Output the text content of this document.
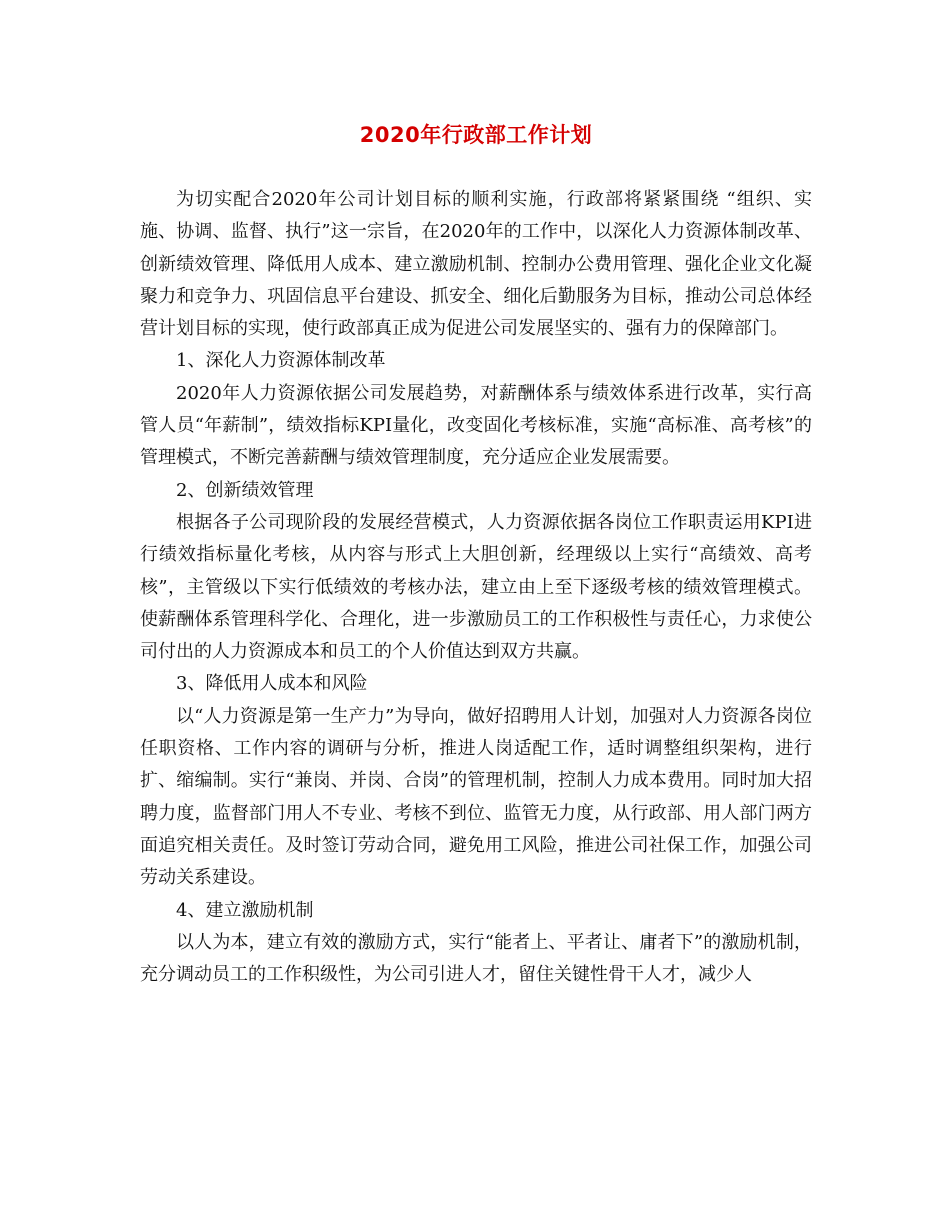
2020年行政部工作计划

为切实配合2020年公司计划目标的顺利实施，行政部将紧紧围绕 “组织、实施、协调、监督、执行”这一宗旨，在2020年的工作中，以深化人力资源体制改革、创新绩效管理、降低用人成本、建立激励机制、控制办公费用管理、强化企业文化凝聚力和竞争力、巩固信息平台建设、抓安全、细化后勤服务为目标，推动公司总体经营计划目标的实现，使行政部真正成为促进公司发展坚实的、强有力的保障部门。

1、深化人力资源体制改革

2020年人力资源依据公司发展趋势，对薪酬体系与绩效体系进行改革，实行高管人员“年薪制”，绩效指标KPI量化，改变固化考核标准，实施“高标准、高考核”的管理模式，不断完善薪酬与绩效管理制度，充分适应企业发展需要。

2、创新绩效管理

根据各子公司现阶段的发展经营模式，人力资源依据各岗位工作职责运用KPI进行绩效指标量化考核，从内容与形式上大胆创新，经理级以上实行“高绩效、高考核”，主管级以下实行低绩效的考核办法，建立由上至下逐级考核的绩效管理模式。使薪酬体系管理科学化、合理化，进一步激励员工的工作积极性与责任心，力求使公司付出的人力资源成本和员工的个人价值达到双方共赢。

3、降低用人成本和风险

以“人力资源是第一生产力”为导向，做好招聘用人计划，加强对人力资源各岗位任职资格、工作内容的调研与分析，推进人岗适配工作，适时调整组织架构，进行扩、缩编制。实行“兼岗、并岗、合岗”的管理机制，控制人力成本费用。同时加大招聘力度，监督部门用人不专业、考核不到位、监管无力度，从行政部、用人部门两方面追究相关责任。及时签订劳动合同，避免用工风险，推进公司社保工作，加强公司劳动关系建设。

4、建立激励机制

以人为本，建立有效的激励方式，实行“能者上、平者让、庸者下”的激励机制，充分调动员工的工作积级性，为公司引进人才，留住关键性骨干人才，减少人
